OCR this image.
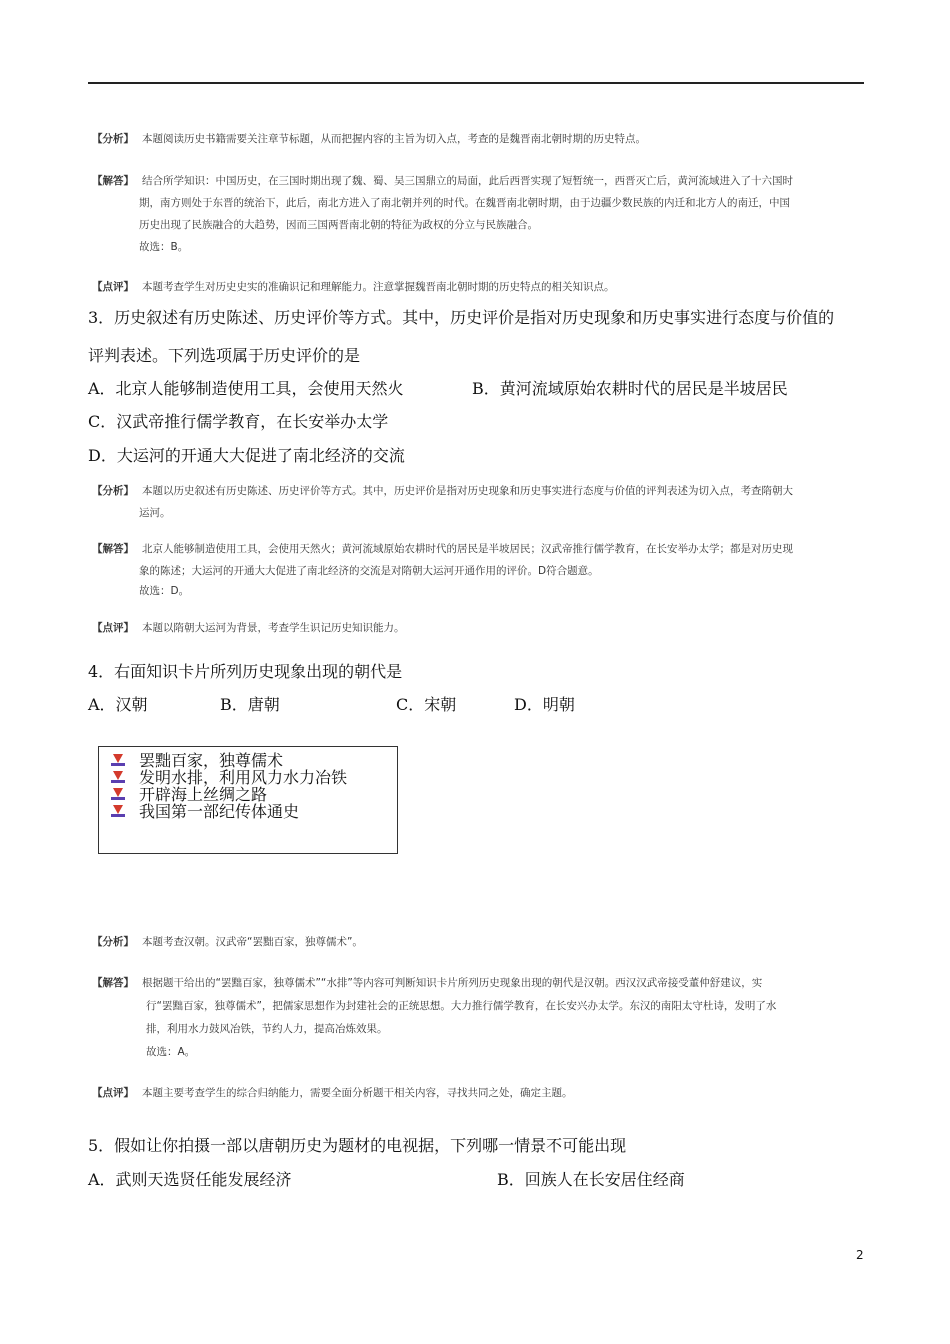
【分析】 本题阅读历史书籍需要关注章节标题，从而把握内容的主旨为切入点，考查的是魏晋南北朝时期的历史特点。
【解答】 结合所学知识：中国历史，在三国时期出现了魏、蜀、吴三国鼎立的局面，此后西晋实现了短暂统一，西晋灭亡后，黄河流域进入了十六国时
期，南方则处于东晋的统治下，此后，南北方进入了南北朝并列的时代。在魏晋南北朝时期，由于边疆少数民族的内迁和北方人的南迁，中国
历史出现了民族融合的大趋势，因而三国两晋南北朝的特征为政权的分立与民族融合。
故选：B。
【点评】 本题考查学生对历史史实的准确识记和理解能力。注意掌握魏晋南北朝时期的历史特点的相关知识点。
3．历史叙述有历史陈述、历史评价等方式。其中，历史评价是指对历史现象和历史事实进行态度与价值的
评判表述。下列选项属于历史评价的是
A．北京人能够制造使用工具，会使用天然火	B．黄河流域原始农耕时代的居民是半坡居民
C．汉武帝推行儒学教育，在长安举办太学
D．大运河的开通大大促进了南北经济的交流
【分析】 本题以历史叙述有历史陈述、历史评价等方式。其中，历史评价是指对历史现象和历史事实进行态度与价值的评判表述为切入点，考查隋朝大
运河。
【解答】 北京人能够制造使用工具，会使用天然火；黄河流域原始农耕时代的居民是半坡居民；汉武帝推行儒学教育，在长安举办太学；都是对历史现
象的陈述；大运河的开通大大促进了南北经济的交流是对隋朝大运河开通作用的评价。D符合题意。
故选：D。
【点评】 本题以隋朝大运河为背景，考查学生识记历史知识能力。
4．右面知识卡片所列历史现象出现的朝代是
A．汉朝	B．唐朝	C．宋朝	D．明朝
罢黜百家，独尊儒术
发明水排，利用风力水力冶铁
开辟海上丝绸之路
我国第一部纪传体通史
【分析】 本题考查汉朝。汉武帝“罢黜百家，独尊儒术”。
【解答】 根据题干给出的“罢黜百家，独尊儒术”“水排”等内容可判断知识卡片所列历史现象出现的朝代是汉朝。西汉汉武帝接受董仲舒建议，实
行“罢黜百家，独尊儒术”，把儒家思想作为封建社会的正统思想。大力推行儒学教育，在长安兴办太学。东汉的南阳太守杜诗，发明了水
排，利用水力鼓风冶铁，节约人力，提高冶炼效果。
故选：A。
【点评】 本题主要考查学生的综合归纳能力，需要全面分析题干相关内容，寻找共同之处，确定主题。
5．假如让你拍摄一部以唐朝历史为题材的电视据，下列哪一情景不可能出现
A．武则天选贤任能发展经济	B．回族人在长安居住经商
2
